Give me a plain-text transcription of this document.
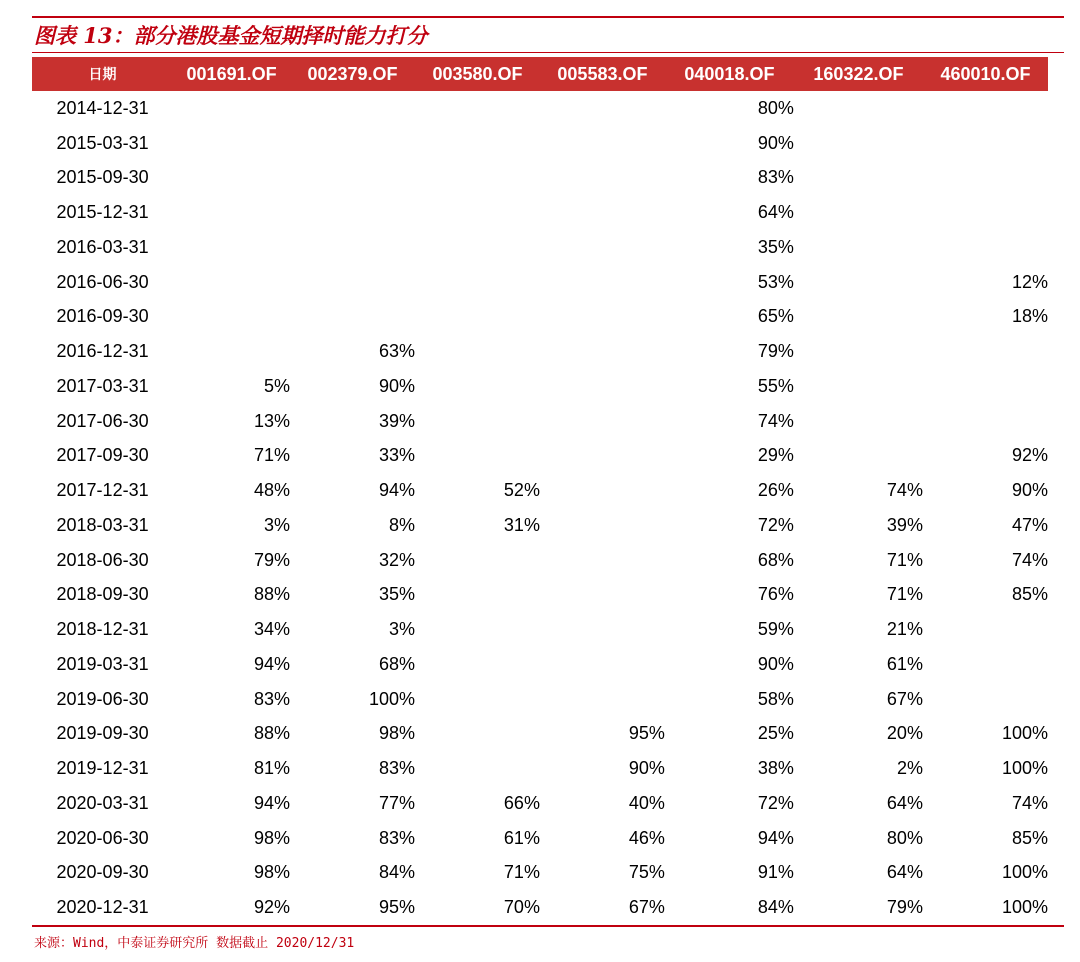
图表 13：部分港股基金短期择时能力打分
日期	001691.OF	002379.OF	003580.OF	005583.OF	040018.OF	160322.OF	460010.OF
2014-12-31					80%		
2015-03-31					90%		
2015-09-30					83%		
2015-12-31					64%		
2016-03-31					35%		
2016-06-30					53%		12%
2016-09-30					65%		18%
2016-12-31		63%			79%		
2017-03-31	5%	90%			55%		
2017-06-30	13%	39%			74%		
2017-09-30	71%	33%			29%		92%
2017-12-31	48%	94%	52%		26%	74%	90%
2018-03-31	3%	8%	31%		72%	39%	47%
2018-06-30	79%	32%			68%	71%	74%
2018-09-30	88%	35%			76%	71%	85%
2018-12-31	34%	3%			59%	21%	
2019-03-31	94%	68%			90%	61%	
2019-06-30	83%	100%			58%	67%	
2019-09-30	88%	98%		95%	25%	20%	100%
2019-12-31	81%	83%		90%	38%	2%	100%
2020-03-31	94%	77%	66%	40%	72%	64%	74%
2020-06-30	98%	83%	61%	46%	94%	80%	85%
2020-09-30	98%	84%	71%	75%	91%	64%	100%
2020-12-31	92%	95%	70%	67%	84%	79%	100%
来源：Wind，中泰证券研究所 数据截止 2020/12/31
